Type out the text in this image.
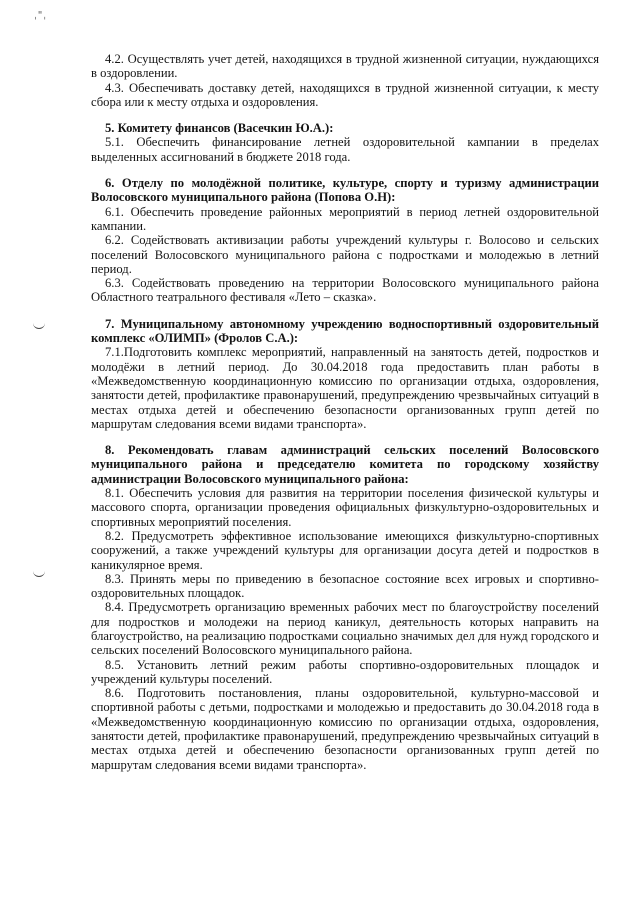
ˌ"ˌ

4.2. Осуществлять учет детей, находящихся в трудной жизненной ситуации, нуждающихся в оздоровлении.

4.3. Обеспечивать доставку детей, находящихся в трудной жизненной ситуации, к месту сбора или к месту отдыха и оздоровления.

5. Комитету финансов (Васечкин Ю.А.):

5.1. Обеспечить финансирование летней оздоровительной кампании в пределах выделенных ассигнований в бюджете 2018 года.

6. Отделу по молодёжной политике, культуре, спорту и туризму администрации Волосовского муниципального района (Попова О.Н):

6.1. Обеспечить проведение районных мероприятий в период летней оздоровительной кампании.

6.2. Содействовать активизации работы учреждений культуры г. Волосово и сельских поселений Волосовского муниципального района с подростками и молодежью в летний период.

6.3. Содействовать проведению на территории Волосовского муниципального района Областного театрального фестиваля «Лето – сказка».

7. Муниципальному автономному учреждению водноспортивный оздоровительный комплекс «ОЛИМП» (Фролов С.А.):

7.1.Подготовить комплекс мероприятий, направленный на занятость детей, подростков и молодёжи в летний период. До 30.04.2018 года предоставить план работы в «Межведомственную координационную комиссию по организации отдыха, оздоровления, занятости детей, профилактике правонарушений, предупреждению чрезвычайных ситуаций в местах отдыха детей и обеспечению безопасности организованных групп детей по маршрутам следования всеми видами транспорта».

8. Рекомендовать главам администраций сельских поселений Волосовского муниципального района и председателю комитета по городскому хозяйству администрации Волосовского муниципального района:

8.1. Обеспечить условия для развития на территории поселения физической культуры и массового спорта, организации проведения официальных физкультурно-оздоровительных и спортивных мероприятий поселения.

8.2. Предусмотреть эффективное использование имеющихся физкультурно-спортивных сооружений, а также учреждений культуры для организации досуга детей и подростков в каникулярное время.

8.3. Принять меры по приведению в безопасное состояние всех игровых и спортивно-оздоровительных площадок.

8.4. Предусмотреть организацию временных рабочих мест по благоустройству поселений для подростков и молодежи на период каникул, деятельность которых направить на благоустройство, на реализацию подростками социально значимых дел для нужд городского и сельских поселений Волосовского муниципального района.

8.5. Установить летний режим работы спортивно-оздоровительных площадок и учреждений культуры поселений.

8.6. Подготовить постановления, планы оздоровительной, культурно-массовой и спортивной работы с детьми, подростками и молодежью и предоставить до 30.04.2018 года в «Межведомственную координационную комиссию по организации отдыха, оздоровления, занятости детей, профилактике правонарушений, предупреждению чрезвычайных ситуаций в местах отдыха детей и обеспечению безопасности организованных групп детей по маршрутам следования всеми видами транспорта».
